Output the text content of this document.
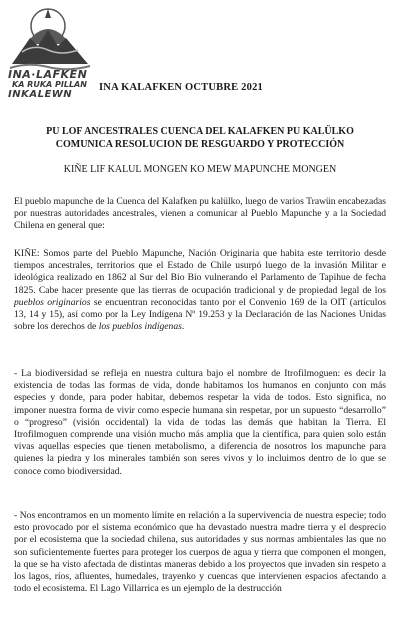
INA·LAFKEN
KA RUKA PILLAN
INKALEWN
INA KALAFKEN OCTUBRE 2021
PU LOF ANCESTRALES CUENCA DEL KALAFKEN PU KALÜLKO
COMUNICA RESOLUCION DE RESGUARDO Y PROTECCIÓN
KIÑE LIF KALUL MONGEN KO MEW MAPUNCHE MONGEN

El pueblo mapunche de la Cuenca del Kalafken pu kalülko, luego de varios Trawün encabezadas por nuestras autoridades ancestrales, vienen a comunicar al Pueblo Mapunche y a la Sociedad Chilena en general que:

KIÑE: Somos parte del Pueblo Mapunche, Nación Originaria que habita este territorio desde tiempos ancestrales, territorios que el Estado de Chile usurpó luego de la invasión Militar e ideológica realizado en 1862 al Sur del Bio Bio vulnerando el Parlamento de Tapihue de fecha 1825. Cabe hacer presente que las tierras de ocupación tradicional y de propiedad legal de los pueblos originarios se encuentran reconocidas tanto por el Convenio 169 de la OIT (artículos 13, 14 y 15), así como por la Ley Indígena Nº 19.253 y la Declaración de las Naciones Unidas sobre los derechos de los pueblos indígenas.

- La biodiversidad se refleja en nuestra cultura bajo el nombre de Itrofilmoguen: es decir la existencia de todas las formas de vida, donde habitamos los humanos en conjunto con más especies y donde, para poder habitar, debemos respetar la vida de todos. Esto significa, no imponer nuestra forma de vivir como especie humana sin respetar, por un supuesto “desarrollo” o “progreso” (visión occidental) la vida de todas las demás que habitan la Tierra. El Itrofilmoguen comprende una visión mucho más amplia que la científica, para quien solo están vivas aquellas especies que tienen metabolismo, a diferencia de nosotros los mapunche para quienes la piedra y los minerales también son seres vivos y lo incluimos dentro de lo que se conoce como biodiversidad.

- Nos encontramos en un momento límite en relación a la supervivencia de nuestra especie; todo esto provocado por el sistema económico que ha devastado nuestra madre tierra y el desprecio por el ecosistema que la sociedad chilena, sus autoridades y sus normas ambientales las que no son suficientemente fuertes para proteger los cuerpos de agua y tierra que componen el mongen, la que se ha visto afectada de distintas maneras debido a los proyectos que invaden sin respeto a los lagos, ríos, afluentes, humedales, trayenko y cuencas que intervienen espacios afectando a todo el ecosistema. El Lago Villarrica es un ejemplo de la destrucción
